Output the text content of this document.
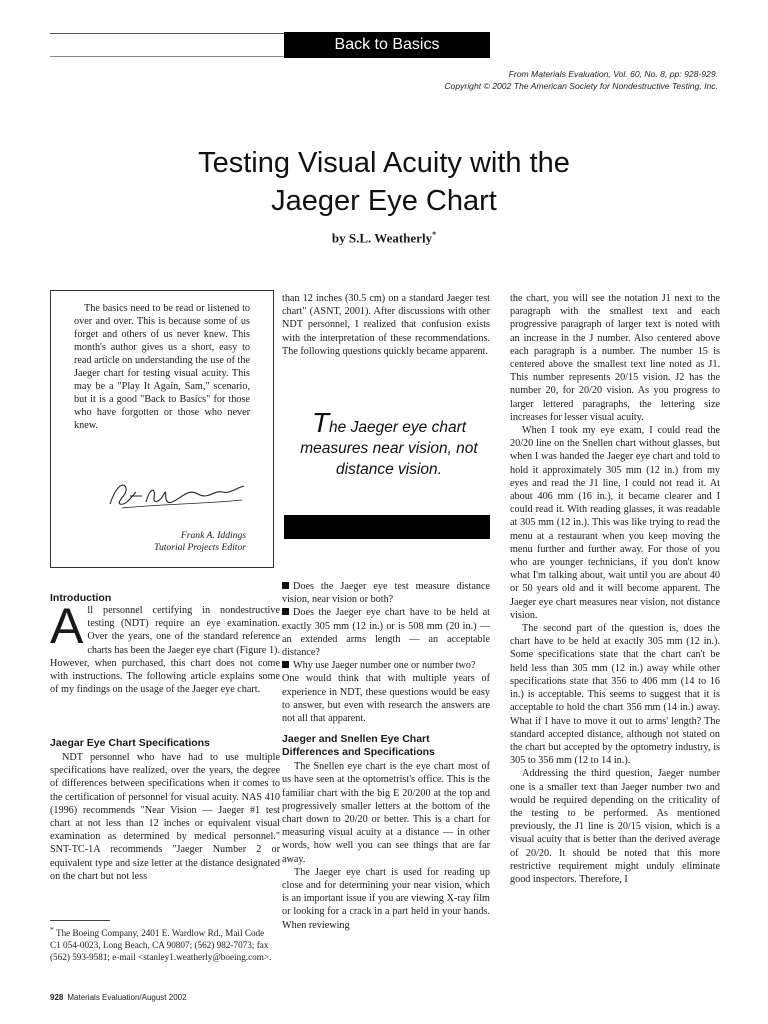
Back to Basics
From Materials Evaluation, Vol. 60, No. 8, pp: 928-929.
Copyright © 2002 The American Society for Nondestructive Testing, Inc.
Testing Visual Acuity with the
Jaeger Eye Chart
by S.L. Weatherly*
The basics need to be read or listened to over and over. This is because some of us forget and others of us never knew. This month's author gives us a short, easy to read article on understanding the use of the Jaeger chart for testing visual acuity. This may be a "Play It Again, Sam," scenario, but it is a good "Back to Basics" for those who have forgotten or those who never knew.
Frank A. Iddings
Tutorial Projects Editor
Introduction
All personnel certifying in nondestructive testing (NDT) require an eye examination. Over the years, one of the standard reference charts has been the Jaeger eye chart (Figure 1). However, when purchased, this chart does not come with instructions. The following article explains some of my findings on the usage of the Jaeger eye chart.
Jaegar Eye Chart Specifications

NDT personnel who have had to use multiple specifications have realized, over the years, the degree of differences between specifications when it comes to the certification of personnel for visual acuity. NAS 410 (1996) recommends "Near Vision — Jaeger #1 test chart at not less than 12 inches or equivalent visual examination as determined by medical personnel." SNT-TC-1A recommends "Jaeger Number 2 or equivalent type and size letter at the distance designated on the chart but not less

* The Boeing Company, 2401 E. Wardlow Rd., Mail Code C1 054-0023, Long Beach, CA 90807; (562) 982-7073; fax (562) 593-9581; e-mail <stanley1.weatherly@boeing.com>.

than 12 inches (30.5 cm) on a standard Jaeger test chart" (ASNT, 2001). After discussions with other NDT personnel, I realized that confusion exists with the interpretation of these recommendations. The following questions quickly became apparent.

The Jaeger eye chart measures near vision, not distance vision.

Does the Jaeger eye test measure distance vision, near vision or both?

Does the Jaeger eye chart have to be held at exactly 305 mm (12 in.) or is 508 mm (20 in.) — an extended arms length — an acceptable distance?

Why use Jaeger number one or number two?

One would think that with multiple years of experience in NDT, these questions would be easy to answer, but even with research the answers are not all that apparent.

Jaeger and Snellen Eye Chart
Differences and Specifications

The Snellen eye chart is the eye chart most of us have seen at the optometrist's office. This is the familiar chart with the big E 20/200 at the top and progressively smaller letters at the bottom of the chart down to 20/20 or better. This is a chart for measuring visual acuity at a distance — in other words, how well you can see things that are far away.

The Jaeger eye chart is used for reading up close and for determining your near vision, which is an important issue if you are viewing X-ray film or looking for a crack in a part held in your hands. When reviewing

the chart, you will see the notation J1 next to the paragraph with the smallest text and each progressive paragraph of larger text is noted with an increase in the J number. Also centered above each paragraph is a number. The number 15 is centered above the smallest text line noted as J1. This number represents 20/15 vision. J2 has the number 20, for 20/20 vision. As you progress to larger lettered paragraphs, the lettering size increases for lesser visual acuity.

When I took my eye exam, I could read the 20/20 line on the Snellen chart without glasses, but when I was handed the Jaeger eye chart and told to hold it approximately 305 mm (12 in.) from my eyes and read the J1 line, I could not read it. At about 406 mm (16 in.), it became clearer and I could read it. With reading glasses, it was readable at 305 mm (12 in.). This was like trying to read the menu at a restaurant when you keep moving the menu further and further away. For those of you who are younger technicians, if you don't know what I'm talking about, wait until you are about 40 or 50 years old and it will become apparent. The Jaeger eye chart measures near vision, not distance vision.

The second part of the question is, does the chart have to be held at exactly 305 mm (12 in.). Some specifications state that the chart can't be held less than 305 mm (12 in.) away while other specifications state that 356 to 406 mm (14 to 16 in.) is acceptable. This seems to suggest that it is acceptable to hold the chart 356 mm (14 in.) away. What if I have to move it out to arms' length? The standard accepted distance, although not stated on the chart but accepted by the optometry industry, is 305 to 356 mm (12 to 14 in.).

Addressing the third question, Jaeger number one is a smaller text than Jaeger number two and would be required depending on the criticality of the testing to be performed. As mentioned previously, the J1 line is 20/15 vision, which is a visual acuity that is better than the derived average of 20/20. It should be noted that this more restrictive requirement might unduly eliminate good inspectors. Therefore, I

928 Materials Evaluation/August 2002
